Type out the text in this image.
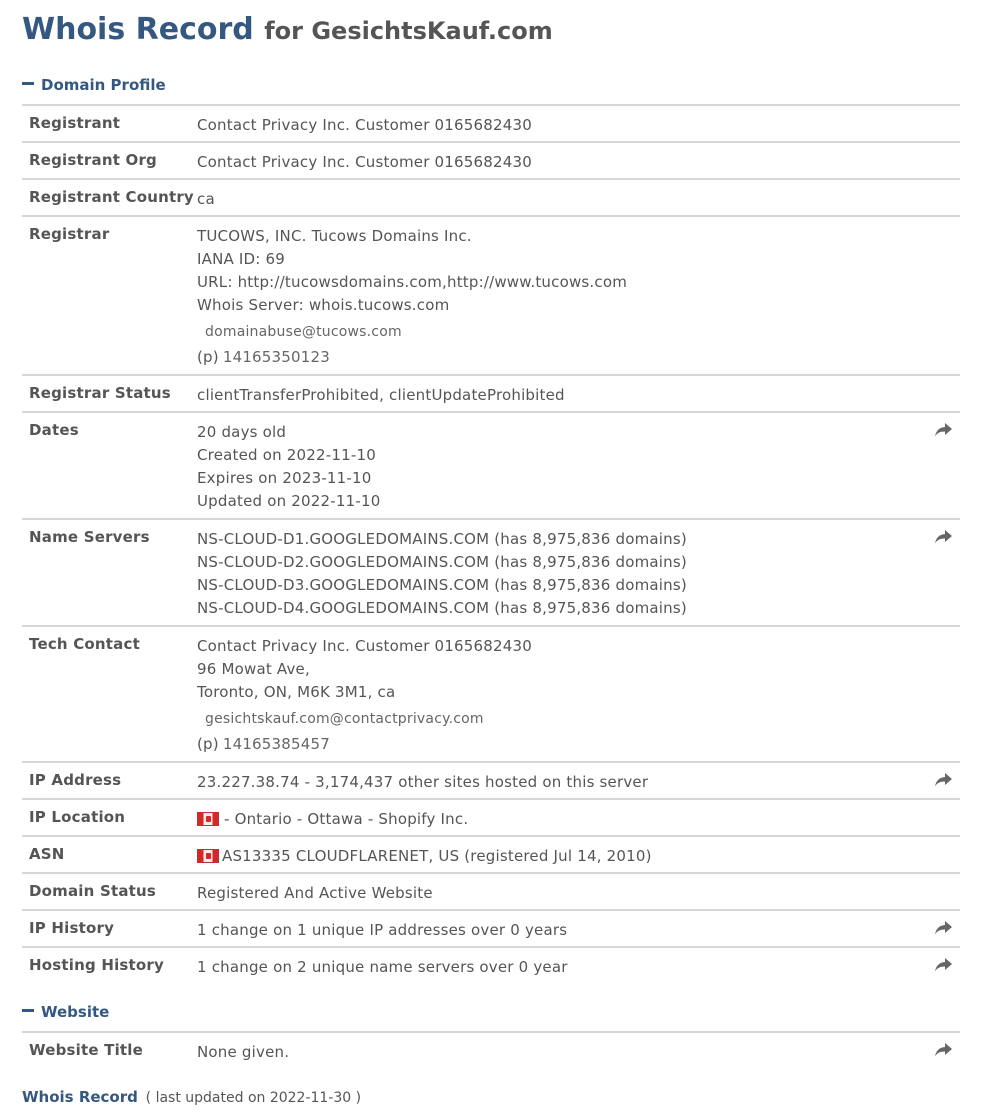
Whois Record for GesichtsKauf.com
Domain Profile
Registrant	Contact Privacy Inc. Customer 0165682430
Registrant Org	Contact Privacy Inc. Customer 0165682430
Registrant Country ca
Registrar	TUCOWS, INC. Tucows Domains Inc.
IANA ID: 69
URL: http://tucowsdomains.com,http://www.tucows.com
Whois Server: whois.tucows.com
domainabuse@tucows.com
(p) 14165350123
Registrar Status clientTransferProhibited, clientUpdateProhibited
Dates	20 days old
Created on 2022-11-10
Expires on 2023-11-10
Updated on 2022-11-10
Name Servers	NS-CLOUD-D1.GOOGLEDOMAINS.COM (has 8,975,836 domains)
NS-CLOUD-D2.GOOGLEDOMAINS.COM (has 8,975,836 domains)
NS-CLOUD-D3.GOOGLEDOMAINS.COM (has 8,975,836 domains)
NS-CLOUD-D4.GOOGLEDOMAINS.COM (has 8,975,836 domains)
Tech Contact	Contact Privacy Inc. Customer 0165682430
96 Mowat Ave,
Toronto, ON, M6K 3M1, ca
gesichtskauf.com@contactprivacy.com
(p) 14165385457
IP Address	23.227.38.74 - 3,174,437 other sites hosted on this server
IP Location	- Ontario - Ottawa - Shopify Inc.
ASN	AS13335 CLOUDFLARENET, US (registered Jul 14, 2010)
Domain Status	Registered And Active Website
IP History	1 change on 1 unique IP addresses over 0 years
Hosting History 1 change on 2 unique name servers over 0 year
Website
Website Title	None given.
Whois Record ( last updated on 2022-11-30 )
